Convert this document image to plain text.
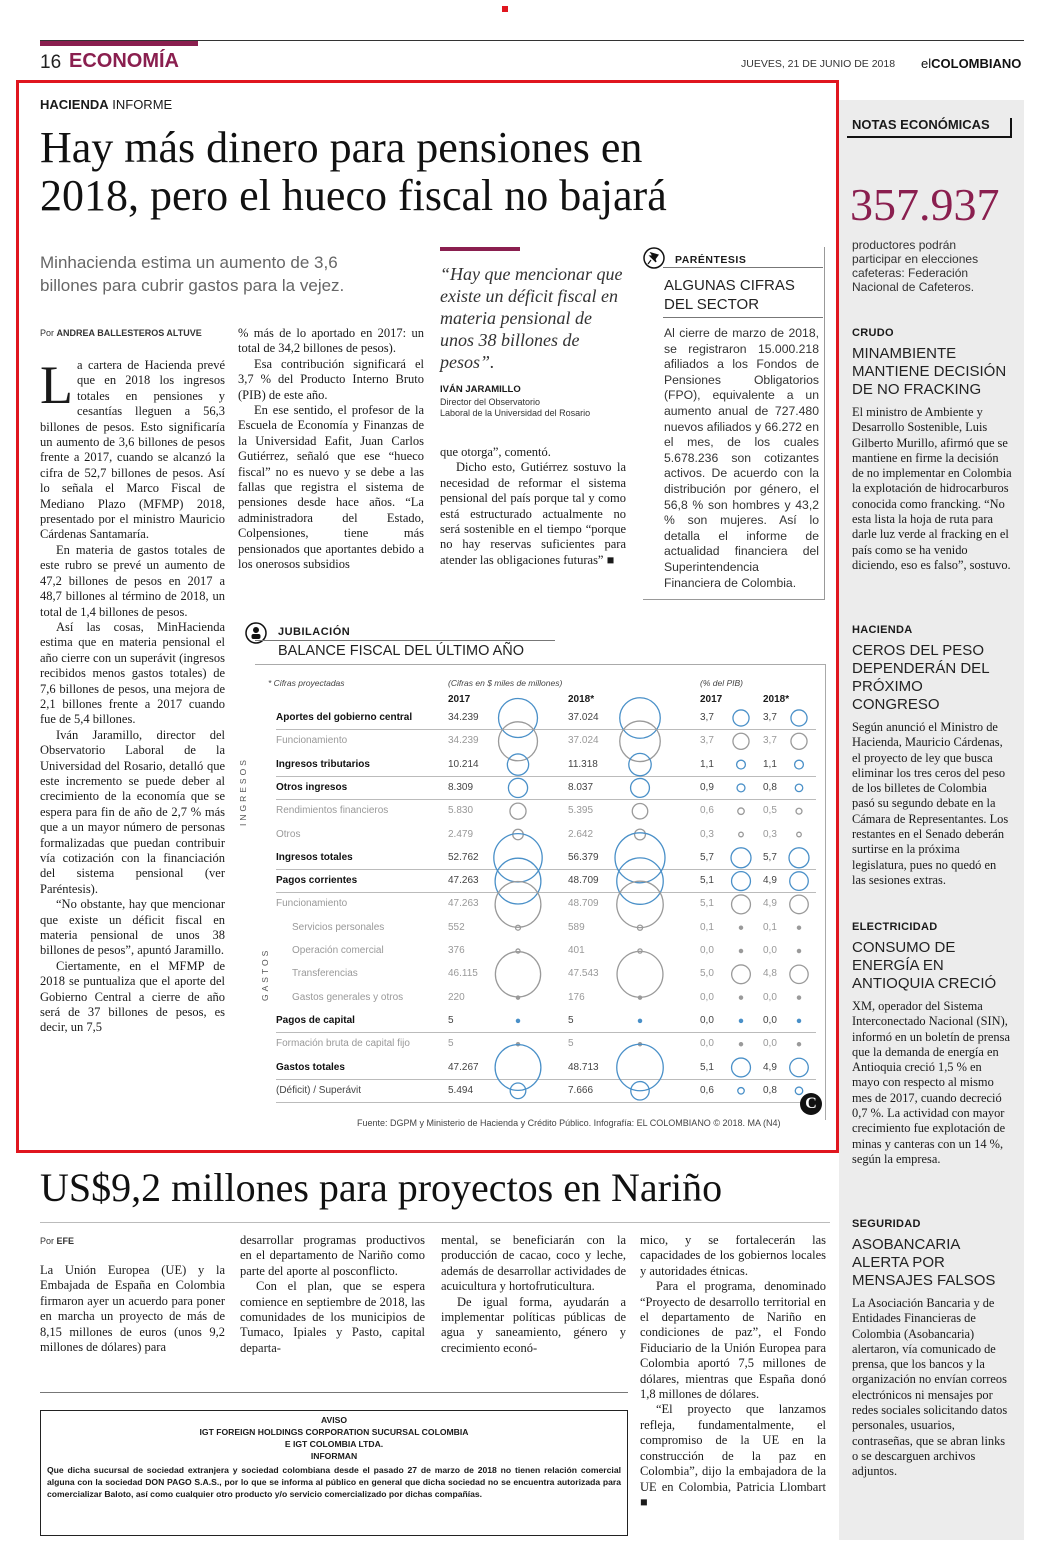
16 ECONOMÍA	JUEVES, 21 DE JUNIO DE 2018 elCOLOMBIANO
HACIENDA INFORME
Hay más dinero para pensiones en
2018, pero el hueco fiscal no bajará
Minhacienda estima un aumento de 3,6
billones para cubrir gastos para la vejez.
Por ANDREA BALLESTEROS ALTUVE

La cartera de Hacienda prevé que en 2018 los ingresos totales en pensiones y cesantías lleguen a 56,3 billones de pesos. Esto significaría un aumento de 3,6 billones de pesos frente a 2017, cuando se alcanzó la cifra de 52,7 billones de pesos. Así lo señala el Marco Fiscal de Mediano Plazo (MFMP) 2018, presentado por el ministro Mauricio Cárdenas Santamaría.

En materia de gastos totales de este rubro se prevé un aumento de 47,2 billones de pesos en 2017 a 48,7 billones al término de 2018, un total de 1,4 billones de pesos.

Así las cosas, MinHacienda estima que en materia pensional el año cierre con un superávit (ingresos recibidos menos gastos totales) de 7,6 billones de pesos, una mejora de 2,1 billones frente a 2017 cuando fue de 5,4 billones.

Iván Jaramillo, director del Observatorio Laboral de la Universidad del Rosario, detalló que este incremento se puede deber al crecimiento de la economía que se espera para fin de año de 2,7 % más que a un mayor número de personas formalizadas que puedan contribuir vía cotización con la financiación del sistema pensional (ver Paréntesis).

“No obstante, hay que mencionar que existe un déficit fiscal en materia pensional de unos 38 billones de pesos”, apuntó Jaramillo.

Ciertamente, en el MFMP de 2018 se puntualiza que el aporte del Gobierno Central a cierre de año será de 37 billones de pesos, es decir, un 7,5

% más de lo aportado en 2017: un total de 34,2 billones de pesos).

Esa contribución significará el 3,7 % del Producto Interno Bruto (PIB) de este año.

En ese sentido, el profesor de la Escuela de Economía y Finanzas de la Universidad Eafit, Juan Carlos Gutiérrez, señaló que ese “hueco fiscal” no es nuevo y se debe a las fallas que registra el sistema de pensiones desde hace años. “La administradora del Estado, Colpensiones, tiene más pensionados que aportantes debido a los onerosos subsidios

“Hay que mencionar que existe un déficit fiscal en materia pensional de unos 38 billones de pesos”.
IVÁN JARAMILLO
Director del Observatorio
Laboral de la Universidad del Rosario

que otorga”, comentó.

Dicho esto, Gutiérrez sostuvo la necesidad de reformar el sistema pensional del país porque tal y como está estructurado actualmente no será sostenible en el tiempo “porque no hay reservas suficientes para atender las obligaciones futuras” ■

PARÉNTESIS
ALGUNAS CIFRAS
DEL SECTOR
Al cierre de marzo de 2018, se registraron 15.000.218 afiliados a los Fondos de Pensiones Obligatorios (FPO), equivalente a un aumento anual de 727.480 nuevos afiliados y 66.272 en el mes, de los cuales 5.678.236 son cotizantes activos. De acuerdo con la distribución por género, el 56,8 % son hombres y 43,2 % son mujeres. Así lo detalla el informe de actualidad financiera del Superintendencia Financiera de Colombia.
JUBILACIÓN
BALANCE FISCAL DEL ÚLTIMO AÑO
* Cifras proyectadas	(Cifras en $ miles de millones)	(% del PIB)
2017	2018*	2017	2018*
INGRESOS
GASTOS
Aportes del gobierno central	34.239	37.024	3,7	3,7
Funcionamiento	34.239	37.024	3,7	3,7
Ingresos tributarios	10.214	11.318	1,1	1,1
Otros ingresos	8.309	8.037	0,9	0,8
Rendimientos financieros	5.830	5.395	0,6	0,5
Otros	2.479	2.642	0,3	0,3
Ingresos totales	52.762	56.379	5,7	5,7
Pagos corrientes	47.263	48.709	5,1	4,9
Funcionamiento	47.263	48.709	5,1	4,9
Servicios personales	552	589	0,1	0,1
Operación comercial	376	401	0,0	0,0
Transferencias	46.115	47.543	5,0	4,8
Gastos generales y otros	220	176	0,0	0,0
Pagos de capital	5	5	0,0	0,0
Formación bruta de capital fijo	5	5	0,0	0,0
Gastos totales	47.267	48.713	5,1	4,9
(Déficit) / Superávit	5.494	7.666	0,6	0,8
C
Fuente: DGPM y Ministerio de Hacienda y Crédito Público. Infografía: EL COLOMBIANO © 2018. MA (N4)
US$9,2 millones para proyectos en Nariño
Por EFE

La Unión Europea (UE) y la Embajada de España en Colombia firmaron ayer un acuerdo para poner en marcha un proyecto de más de 8,15 millones de euros (unos 9,2 millones de dólares) para

desarrollar programas productivos en el departamento de Nariño como parte del aporte al posconflicto.

Con el plan, que se espera comience en septiembre de 2018, las comunidades de los municipios de Tumaco, Ipiales y Pasto, capital departa-

mental, se beneficiarán con la producción de cacao, coco y leche, además de desarrollar actividades de acuicultura y hortofruticultura.

De igual forma, ayudarán a implementar políticas públicas de agua y saneamiento, género y crecimiento econó-

mico, y se fortalecerán las capacidades de los gobiernos locales y autoridades étnicas.

Para el programa, denominado “Proyecto de desarrollo territorial en el departamento de Nariño en condiciones de paz”, el Fondo Fiduciario de la Unión Europea para Colombia aportó 7,5 millones de dólares, mientras que España donó 1,8 millones de dólares.

“El proyecto que lanzamos refleja, fundamentalmente, el compromiso de la UE en la construcción de la paz en Colombia”, dijo la embajadora de la UE en Colombia, Patricia Llombart ■

AVISO
IGT FOREIGN HOLDINGS CORPORATION SUCURSAL COLOMBIA
E IGT COLOMBIA LTDA.
INFORMAN
Que dicha sucursal de sociedad extranjera y sociedad colombiana desde el pasado 27 de marzo de 2018 no tienen relación comercial alguna con la sociedad DON PAGO S.A.S., por lo que se informa al público en general que dicha sociedad no se encuentra autorizada para comercializar Baloto, así como cualquier otro producto y/o servicio comercializado por dichas compañías.
NOTAS ECONÓMICAS
357.937
productores podrán participar en elecciones cafeteras: Federación Nacional de Cafeteros.
CRUDO
MINAMBIENTE MANTIENE DECISIÓN DE NO FRACKING
El ministro de Ambiente y Desarrollo Sostenible, Luis Gilberto Murillo, afirmó que se mantiene en firme la decisión de no implementar en Colombia la explotación de hidrocarburos conocida como francking. “No esta lista la hoja de ruta para darle luz verde al fracking en el país como se ha venido diciendo, eso es falso”, sostuvo.
HACIENDA
CEROS DEL PESO DEPENDERÁN DEL PRÓXIMO CONGRESO
Según anunció el Ministro de Hacienda, Mauricio Cárdenas, el proyecto de ley que busca eliminar los tres ceros del peso de los billetes de Colombia pasó su segundo debate en la Cámara de Representantes. Los restantes en el Senado deberán surtirse en la próxima legislatura, pues no quedó en las sesiones extras.
ELECTRICIDAD
CONSUMO DE ENERGÍA EN ANTIOQUIA CRECIÓ
XM, operador del Sistema Interconectado Nacional (SIN), informó en un boletín de prensa que la demanda de energía en Antioquia creció 1,5 % en mayo con respecto al mismo mes de 2017, cuando decreció 0,7 %. La actividad con mayor crecimiento fue explotación de minas y canteras con un 14 %, según la empresa.
SEGURIDAD
ASOBANCARIA ALERTA POR MENSAJES FALSOS
La Asociación Bancaria y de Entidades Financieras de Colombia (Asobancaria) alertaron, vía comunicado de prensa, que los bancos y la organización no envían correos electrónicos ni mensajes por redes sociales solicitando datos personales, usuarios, contraseñas, que se abran links o se descarguen archivos adjuntos.
